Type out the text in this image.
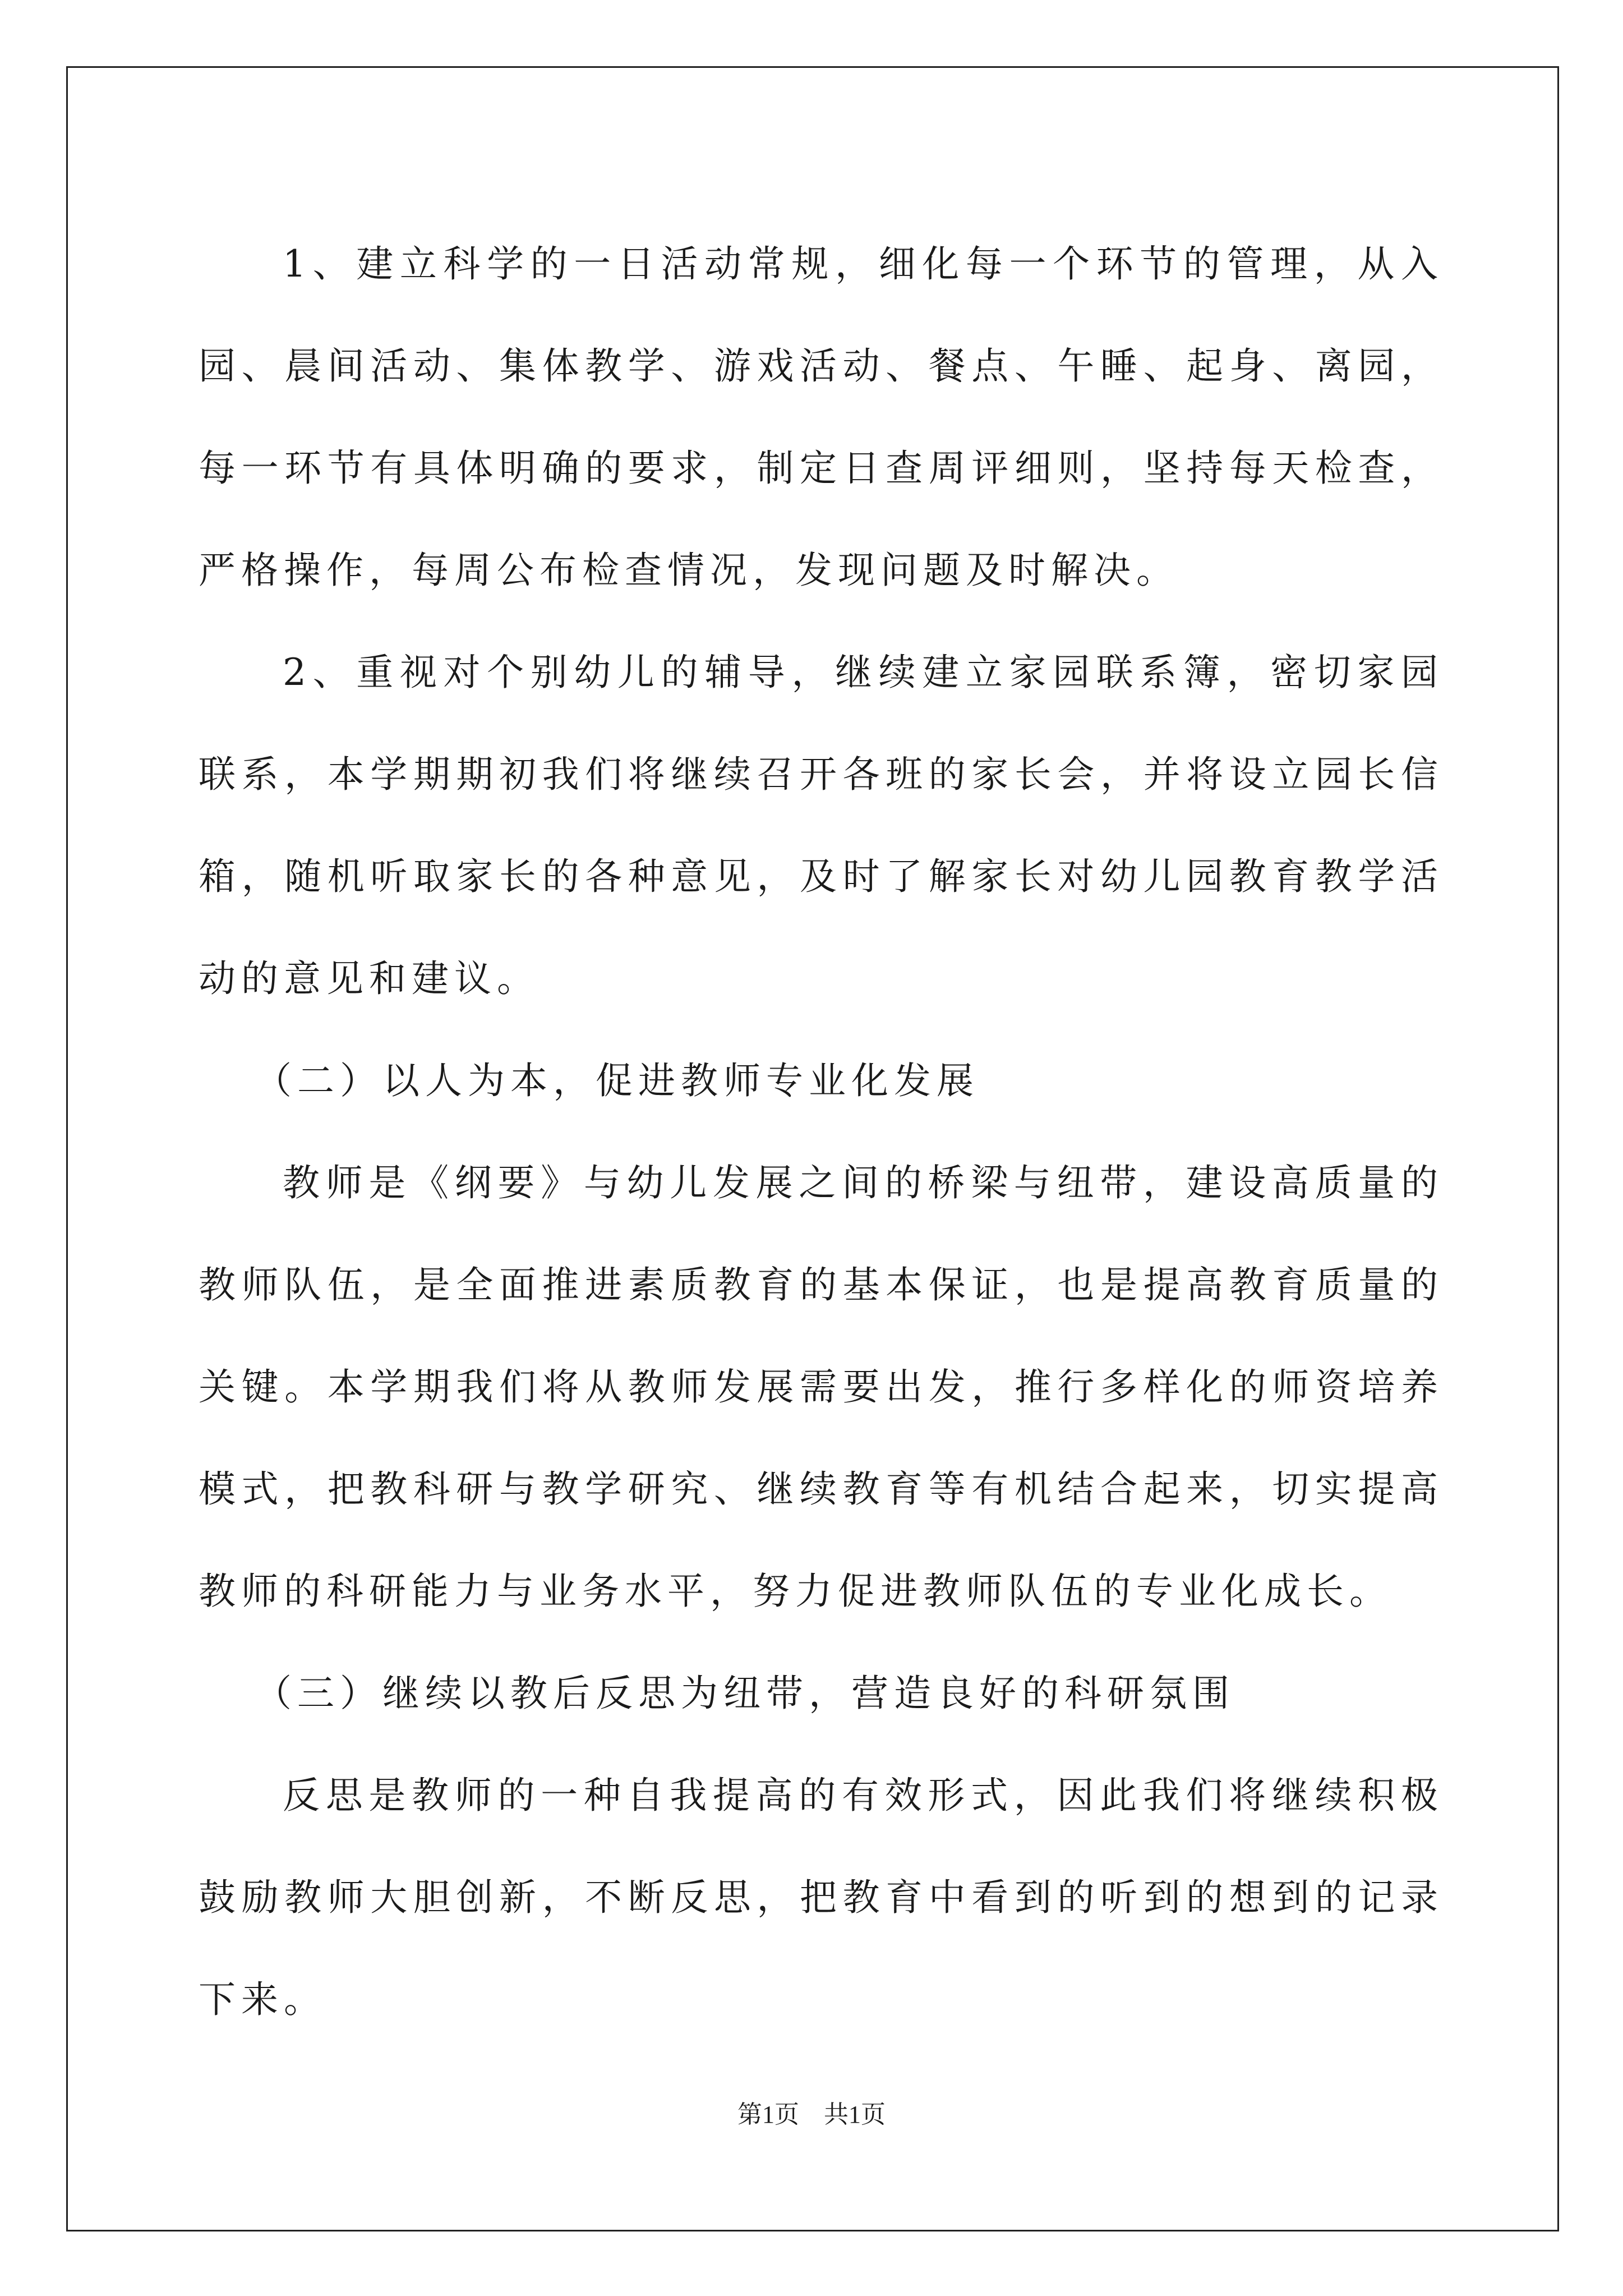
1、建立科学的一日活动常规，细化每一个环节的管理，从入园、晨间活动、集体教学、游戏活动、餐点、午睡、起身、离园，每一环节有具体明确的要求，制定日查周评细则，坚持每天检查，严格操作，每周公布检查情况，发现问题及时解决。

2、重视对个别幼儿的辅导，继续建立家园联系簿，密切家园联系，本学期期初我们将继续召开各班的家长会，并将设立园长信箱，随机听取家长的各种意见，及时了解家长对幼儿园教育教学活动的意见和建议。

（二）以人为本，促进教师专业化发展

教师是《纲要》与幼儿发展之间的桥梁与纽带，建设高质量的教师队伍，是全面推进素质教育的基本保证，也是提高教育质量的关键。本学期我们将从教师发展需要出发，推行多样化的师资培养模式，把教科研与教学研究、继续教育等有机结合起来，切实提高教师的科研能力与业务水平，努力促进教师队伍的专业化成长。

（三）继续以教后反思为纽带，营造良好的科研氛围

反思是教师的一种自我提高的有效形式，因此我们将继续积极鼓励教师大胆创新，不断反思，把教育中看到的听到的想到的记录下来。

第1页　共1页
